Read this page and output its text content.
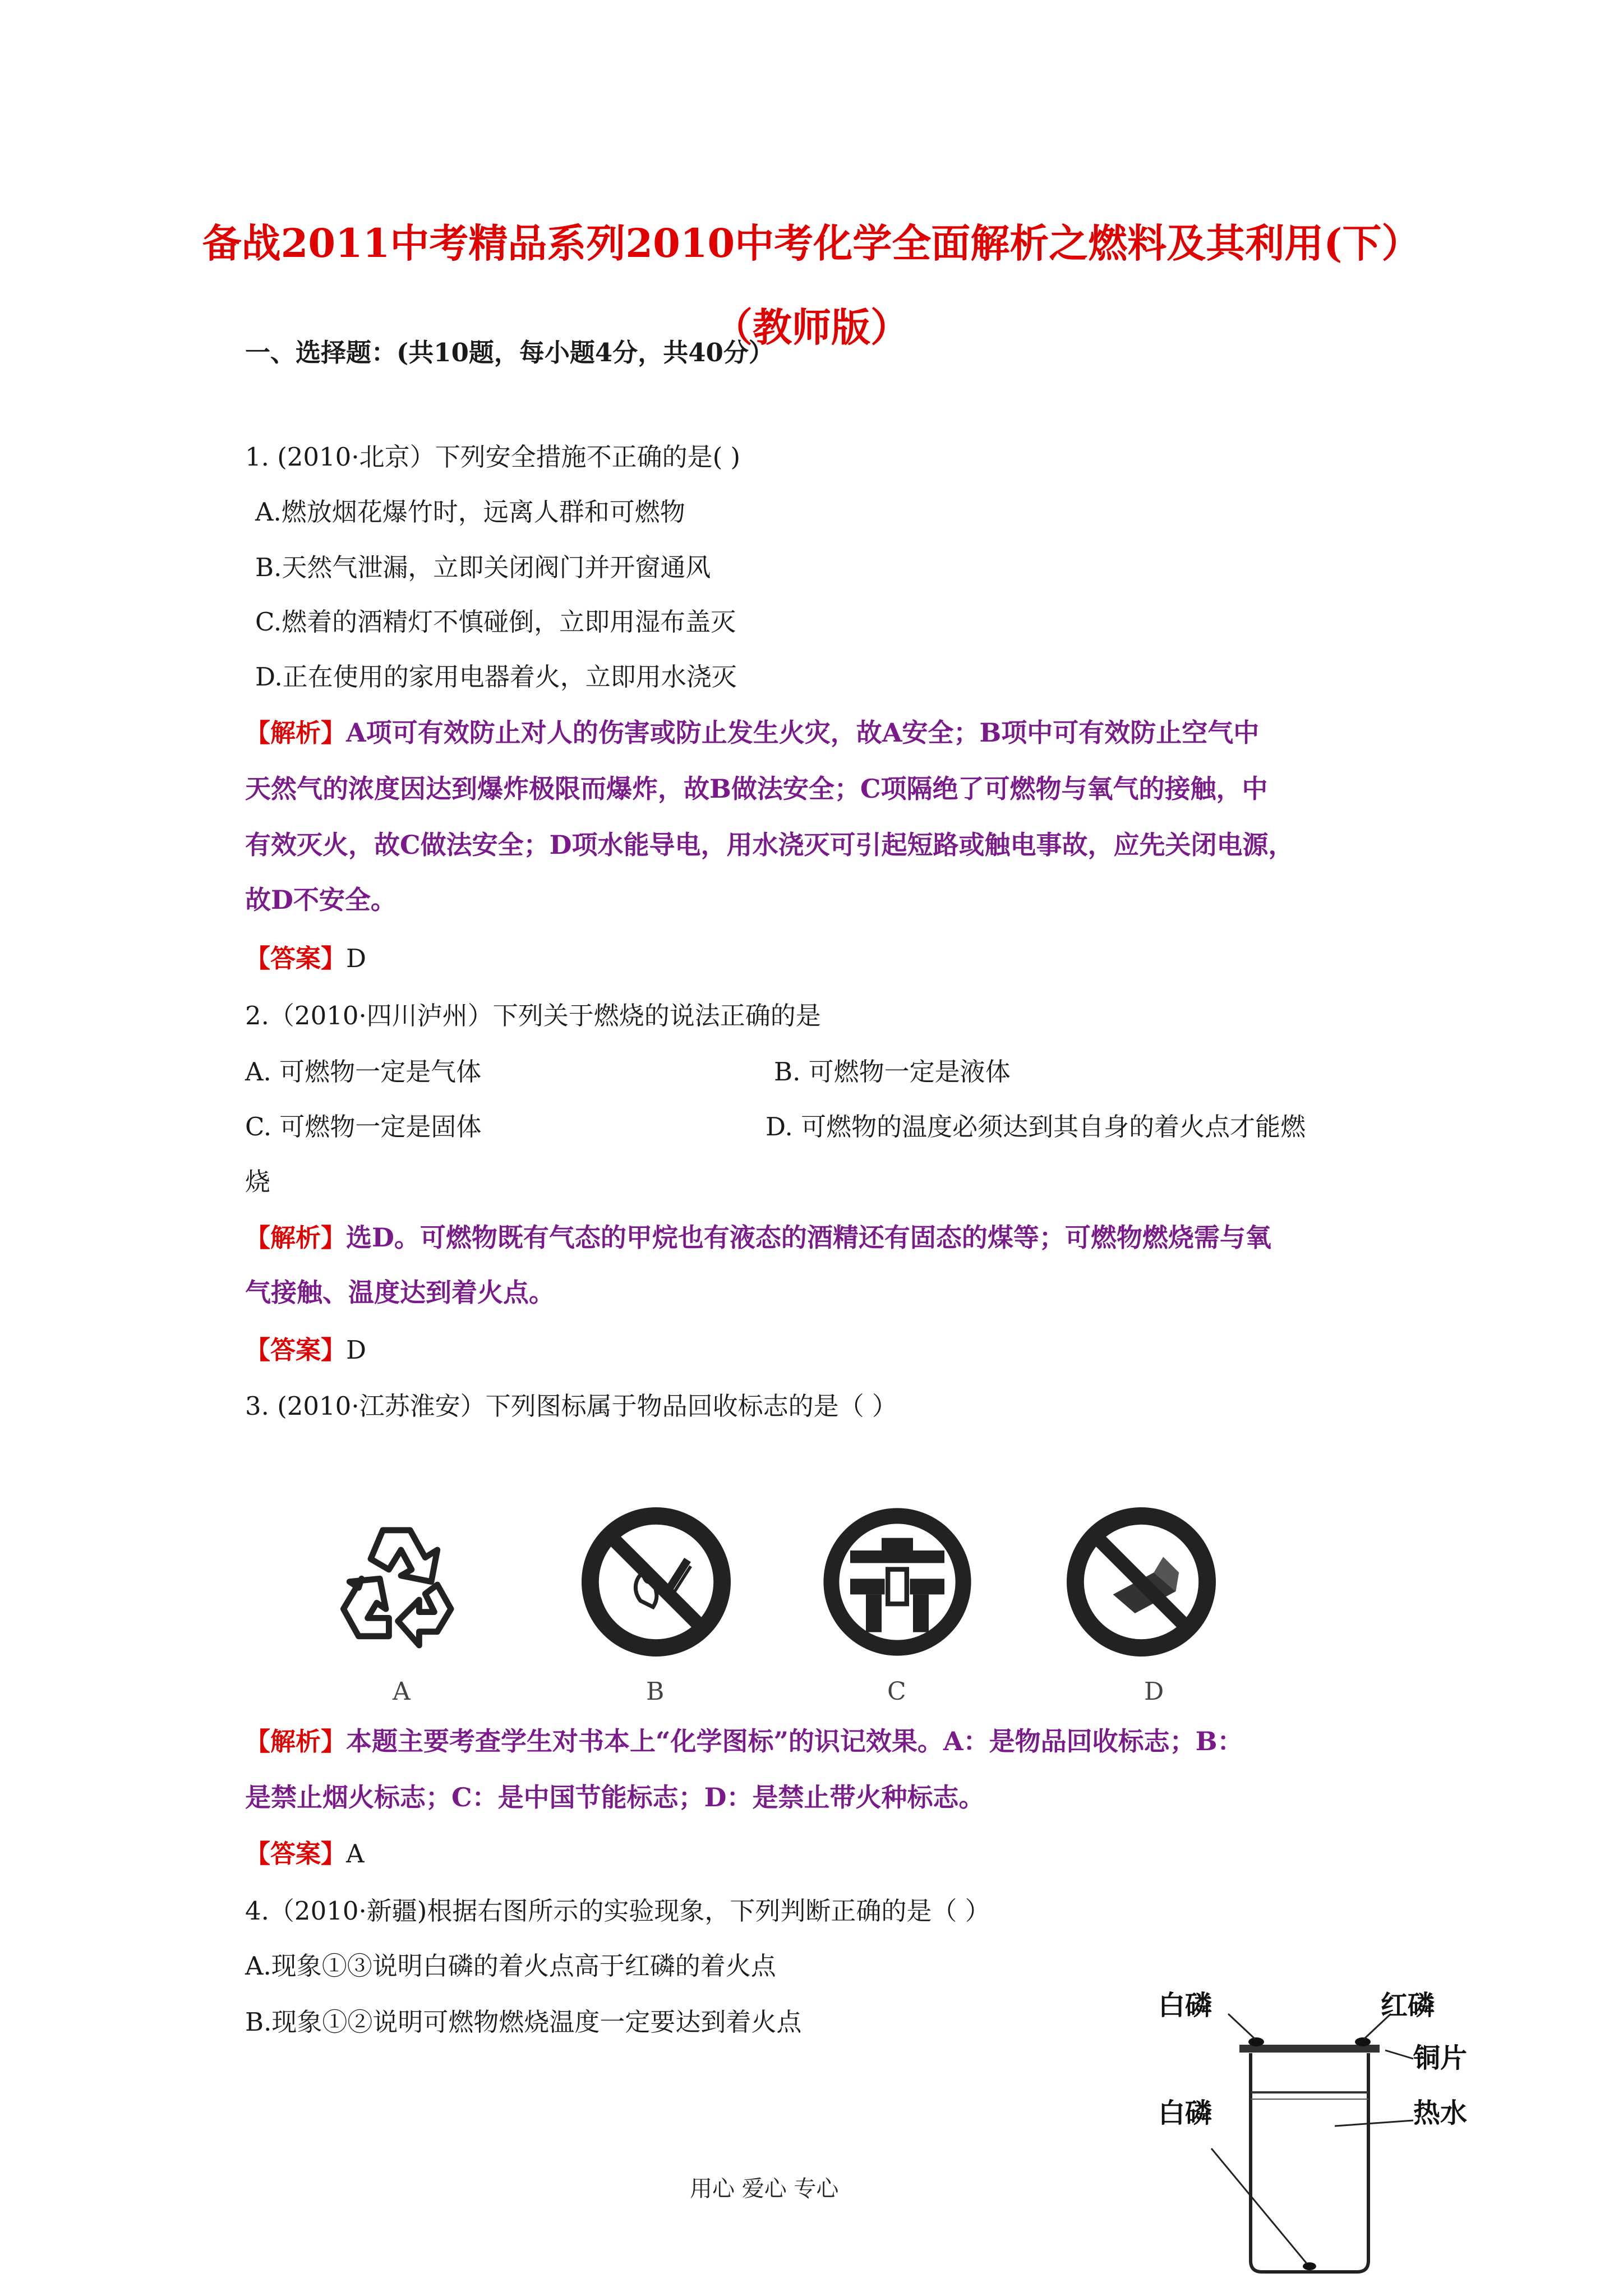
备战2011中考精品系列2010中考化学全面解析之燃料及其利用(下）
（教师版）
一、选择题：(共10题，每小题4分，共40分）
1. (2010·北京）下列安全措施不正确的是( )
A.燃放烟花爆竹时，远离人群和可燃物
B.天然气泄漏，立即关闭阀门并开窗通风
C.燃着的酒精灯不慎碰倒，立即用湿布盖灭
D.正在使用的家用电器着火，立即用水浇灭
【解析】A项可有效防止对人的伤害或防止发生火灾，故A安全；B项中可有效防止空气中
天然气的浓度因达到爆炸极限而爆炸，故B做法安全；C项隔绝了可燃物与氧气的接触，中
有效灭火，故C做法安全；D项水能导电，用水浇灭可引起短路或触电事故，应先关闭电源，
故D不安全。
【答案】D
2.（2010·四川泸州）下列关于燃烧的说法正确的是
A. 可燃物一定是气体	B. 可燃物一定是液体
C. 可燃物一定是固体	D. 可燃物的温度必须达到其自身的着火点才能燃
烧
【解析】选D。可燃物既有气态的甲烷也有液态的酒精还有固态的煤等；可燃物燃烧需与氧
气接触、温度达到着火点。
【答案】D
3. (2010·江苏淮安）下列图标属于物品回收标志的是（ ）
A	B	C	D
【解析】本题主要考查学生对书本上“化学图标”的识记效果。A：是物品回收标志；B：
是禁止烟火标志；C：是中国节能标志；D：是禁止带火种标志。
【答案】A
4.（2010·新疆)根据右图所示的实验现象，下列判断正确的是（ ）
A.现象①③说明白磷的着火点高于红磷的着火点
B.现象①②说明可燃物燃烧温度一定要达到着火点
白磷	红磷
铜片
白磷	热水
用心 爱心 专心
